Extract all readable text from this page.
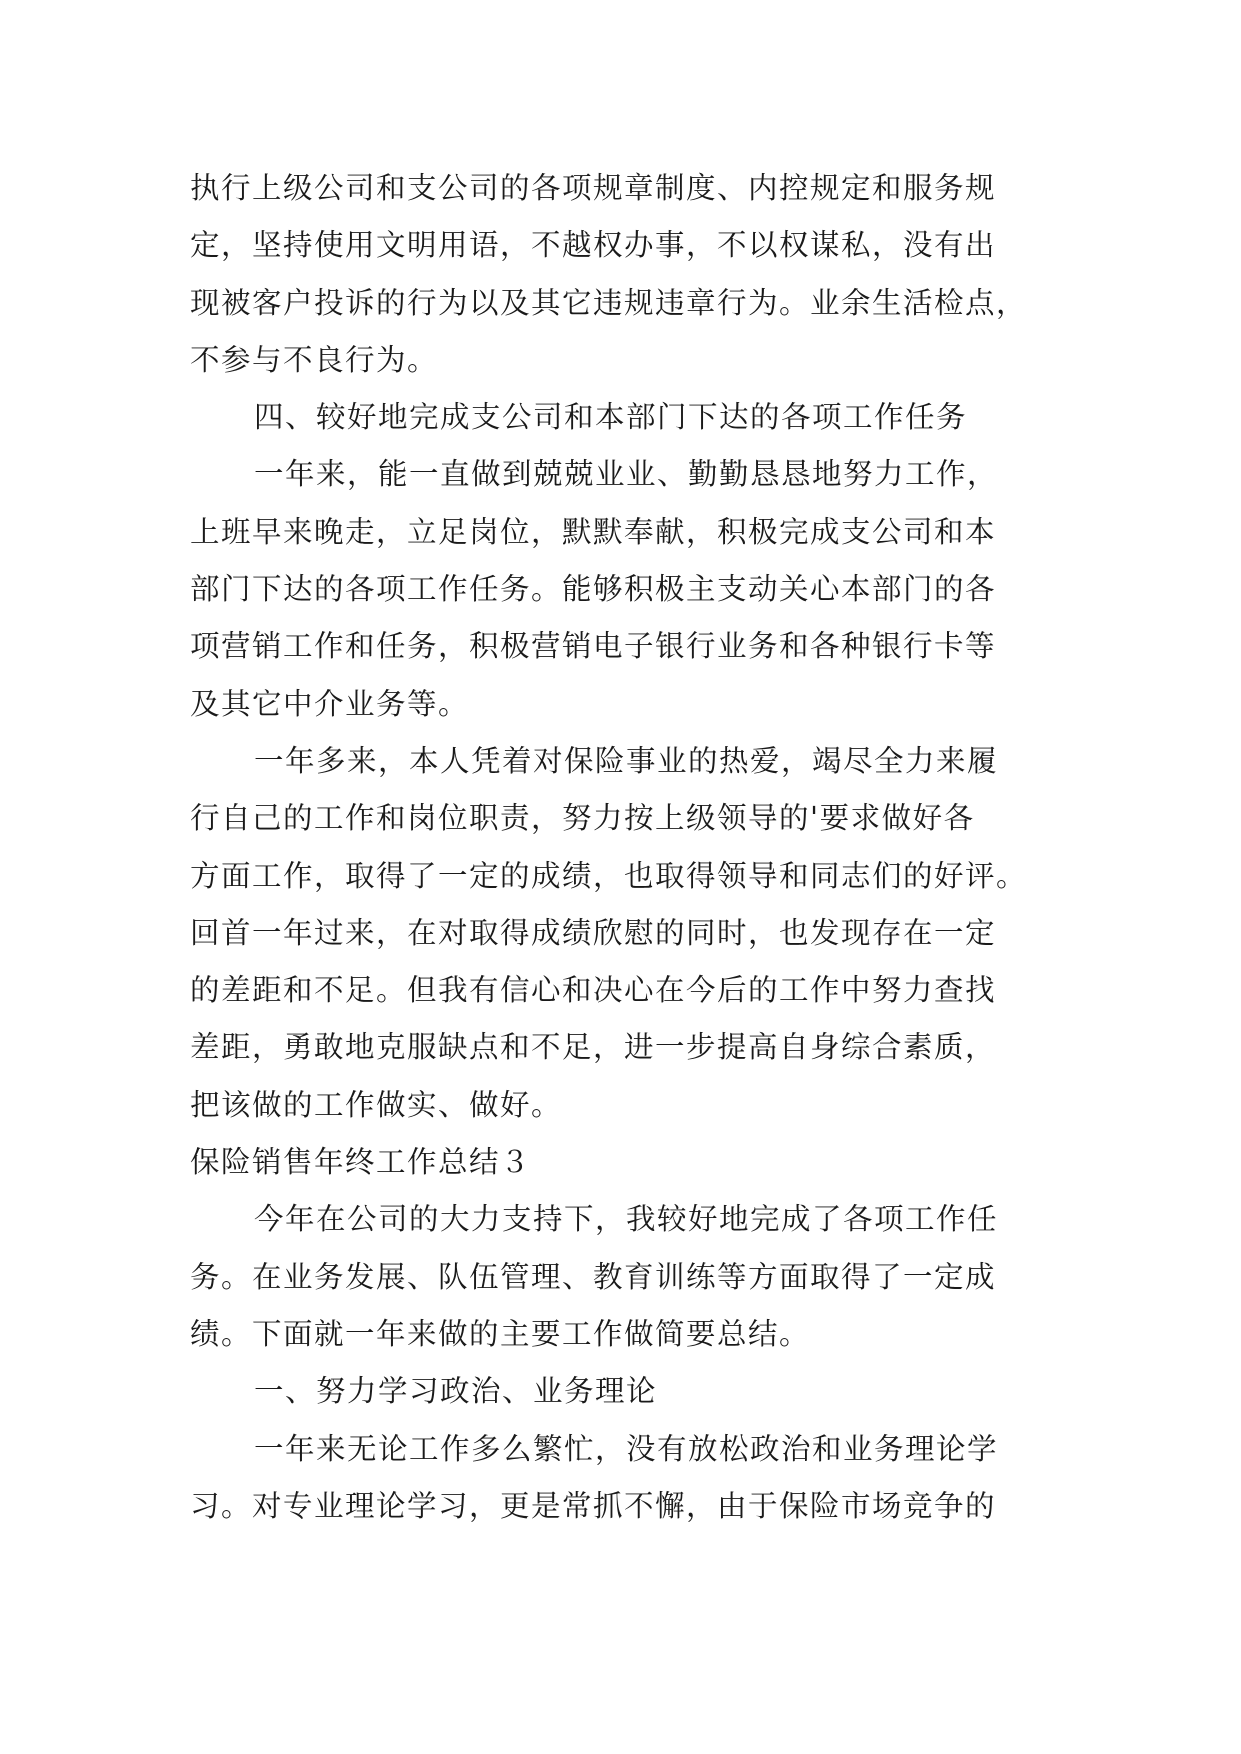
执行上级公司和支公司的各项规章制度、内控规定和服务规
定，坚持使用文明用语，不越权办事，不以权谋私，没有出
现被客户投诉的行为以及其它违规违章行为。业余生活检点，
不参与不良行为。
四、较好地完成支公司和本部门下达的各项工作任务
一年来，能一直做到兢兢业业、勤勤恳恳地努力工作，
上班早来晚走，立足岗位，默默奉献，积极完成支公司和本
部门下达的各项工作任务。能够积极主支动关心本部门的各
项营销工作和任务，积极营销电子银行业务和各种银行卡等
及其它中介业务等。
一年多来，本人凭着对保险事业的热爱，竭尽全力来履
行自己的工作和岗位职责，努力按上级领导的'要求做好各
方面工作，取得了一定的成绩，也取得领导和同志们的好评。
回首一年过来，在对取得成绩欣慰的同时，也发现存在一定
的差距和不足。但我有信心和决心在今后的工作中努力查找
差距，勇敢地克服缺点和不足，进一步提高自身综合素质，
把该做的工作做实、做好。
保险销售年终工作总结３
今年在公司的大力支持下，我较好地完成了各项工作任
务。在业务发展、队伍管理、教育训练等方面取得了一定成
绩。下面就一年来做的主要工作做简要总结。
一、努力学习政治、业务理论
一年来无论工作多么繁忙，没有放松政治和业务理论学
习。对专业理论学习，更是常抓不懈，由于保险市场竞争的
